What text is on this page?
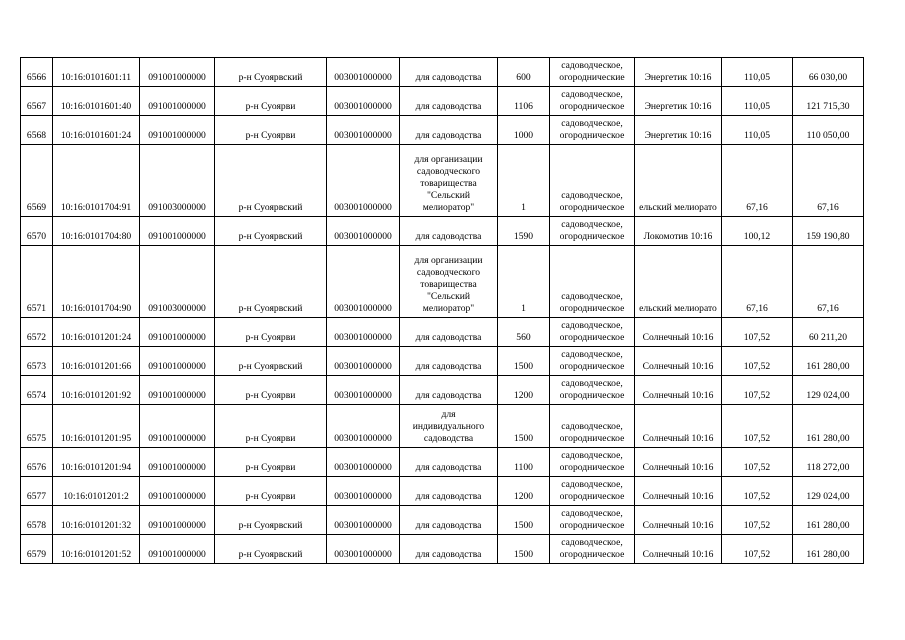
6566	10:16:0101601:11	091001000000	р-н Суоярвский	003001000000	для садоводства	600	садоводческое,
огороднические	Энергетик 10:16	110,05	66 030,00
6567	10:16:0101601:40	091001000000	р-н Суоярви	003001000000	для садоводства	1106	садоводческое,
огородническое	Энергетик 10:16	110,05	121 715,30
6568	10:16:0101601:24	091001000000	р-н Суоярви	003001000000	для садоводства	1000	садоводческое,
огородническое	Энергетик 10:16	110,05	110 050,00
6569	10:16:0101704:91	091003000000	р-н Суоярвский	003001000000	для организации
садоводческого
товарищества
"Сельский
мелиоратор"	1	садоводческое,
огородническое	ельский мелиорато	67,16	67,16
6570	10:16:0101704:80	091001000000	р-н Суоярвский	003001000000	для садоводства	1590	садоводческое,
огородническое	Локомотив 10:16	100,12	159 190,80
6571	10:16:0101704:90	091003000000	р-н Суоярвский	003001000000	для организации
садоводческого
товарищества
"Сельский
мелиоратор"	1	садоводческое,
огородническое	ельский мелиорато	67,16	67,16
6572	10:16:0101201:24	091001000000	р-н Суоярви	003001000000	для садоводства	560	садоводческое,
огородническое	Солнечный 10:16	107,52	60 211,20
6573	10:16:0101201:66	091001000000	р-н Суоярвский	003001000000	для садоводства	1500	садоводческое,
огородническое	Солнечный 10:16	107,52	161 280,00
6574	10:16:0101201:92	091001000000	р-н Суоярви	003001000000	для садоводства	1200	садоводческое,
огородническое	Солнечный 10:16	107,52	129 024,00
6575	10:16:0101201:95	091001000000	р-н Суоярви	003001000000	для
индивидуального
садоводства	1500	садоводческое,
огородническое	Солнечный 10:16	107,52	161 280,00
6576	10:16:0101201:94	091001000000	р-н Суоярви	003001000000	для садоводства	1100	садоводческое,
огородническое	Солнечный 10:16	107,52	118 272,00
6577	10:16:0101201:2	091001000000	р-н Суоярви	003001000000	для садоводства	1200	садоводческое,
огородническое	Солнечный 10:16	107,52	129 024,00
6578	10:16:0101201:32	091001000000	р-н Суоярвский	003001000000	для садоводства	1500	садоводческое,
огородническое	Солнечный 10:16	107,52	161 280,00
6579	10:16:0101201:52	091001000000	р-н Суоярвский	003001000000	для садоводства	1500	садоводческое,
огородническое	Солнечный 10:16	107,52	161 280,00
